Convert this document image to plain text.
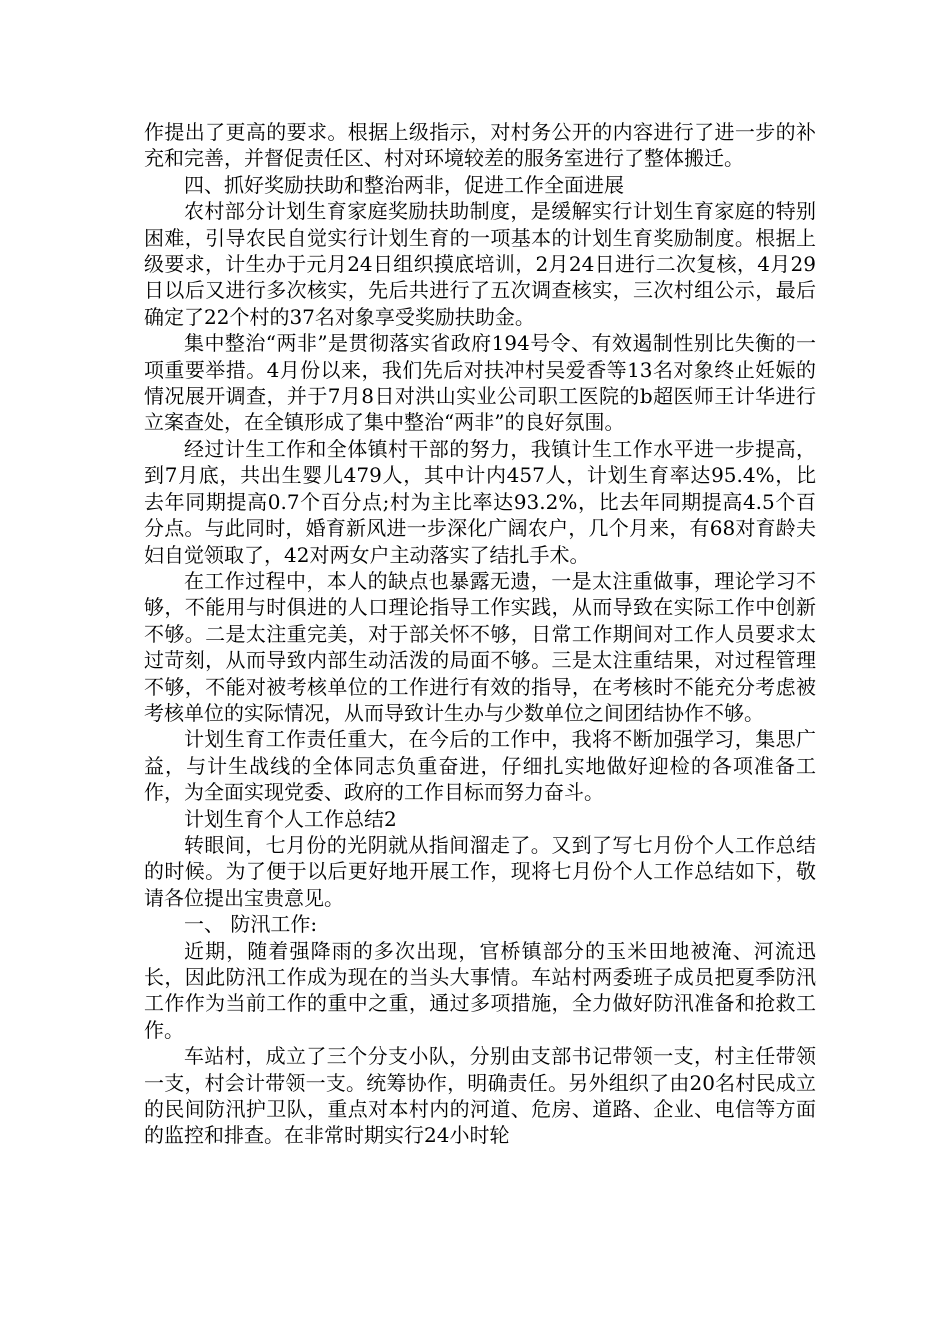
作提出了更高的要求。根据上级指示，对村务公开的内容进行了进一步的补充和完善，并督促责任区、村对环境较差的服务室进行了整体搬迁。

四、抓好奖励扶助和整治两非，促进工作全面进展

农村部分计划生育家庭奖励扶助制度，是缓解实行计划生育家庭的特别困难，引导农民自觉实行计划生育的一项基本的计划生育奖励制度。根据上级要求，计生办于元月24日组织摸底培训，2月24日进行二次复核，4月29日以后又进行多次核实，先后共进行了五次调查核实，三次村组公示，最后确定了22个村的37名对象享受奖励扶助金。

集中整治“两非”是贯彻落实省政府194号令、有效遏制性别比失衡的一项重要举措。4月份以来，我们先后对扶冲村吴爱香等13名对象终止妊娠的情况展开调查，并于7月8日对洪山实业公司职工医院的b超医师王计华进行立案查处，在全镇形成了集中整治“两非”的良好氛围。

经过计生工作和全体镇村干部的努力，我镇计生工作水平进一步提高，到7月底，共出生婴儿479人，其中计内457人，计划生育率达95.4%，比去年同期提高0.7个百分点;村为主比率达93.2%，比去年同期提高4.5个百分点。与此同时，婚育新风进一步深化广阔农户，几个月来，有68对育龄夫妇自觉领取了，42对两女户主动落实了结扎手术。

在工作过程中，本人的缺点也暴露无遗，一是太注重做事，理论学习不够，不能用与时俱进的人口理论指导工作实践，从而导致在实际工作中创新不够。二是太注重完美，对于部关怀不够，日常工作期间对工作人员要求太过苛刻，从而导致内部生动活泼的局面不够。三是太注重结果，对过程管理不够，不能对被考核单位的工作进行有效的指导，在考核时不能充分考虑被考核单位的实际情况，从而导致计生办与少数单位之间团结协作不够。

计划生育工作责任重大，在今后的工作中，我将不断加强学习，集思广益，与计生战线的全体同志负重奋进，仔细扎实地做好迎检的各项准备工作，为全面实现党委、政府的工作目标而努力奋斗。

计划生育个人工作总结2

转眼间，七月份的光阴就从指间溜走了。又到了写七月份个人工作总结的时候。为了便于以后更好地开展工作，现将七月份个人工作总结如下，敬请各位提出宝贵意见。

一、 防汛工作:

近期，随着强降雨的多次出现，官桥镇部分的玉米田地被淹、河流迅长，因此防汛工作成为现在的当头大事情。车站村两委班子成员把夏季防汛工作作为当前工作的重中之重，通过多项措施，全力做好防汛准备和抢救工作。

车站村，成立了三个分支小队，分别由支部书记带领一支，村主任带领一支，村会计带领一支。统筹协作，明确责任。另外组织了由20名村民成立的民间防汛护卫队，重点对本村内的河道、危房、道路、企业、电信等方面的监控和排查。在非常时期实行24小时轮
